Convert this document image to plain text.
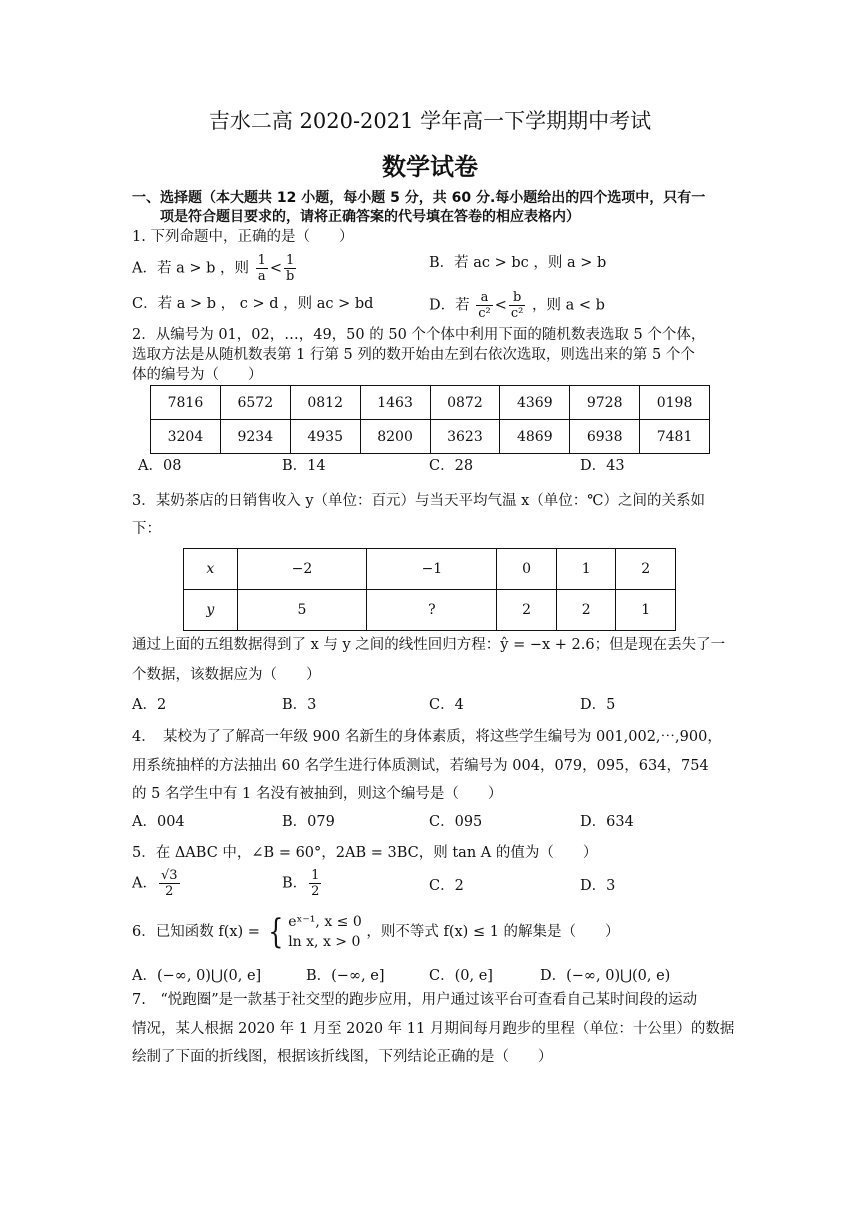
吉水二高 2020-2021 学年高一下学期期中考试
数学试卷
一、选择题（本大题共 12 小题，每小题 5 分，共 60 分.每小题给出的四个选项中，只有一
项是符合题目要求的，请将正确答案的代号填在答卷的相应表格内）
1. 下列命题中，正确的是（　　）
A．若 a > b ，则 $\frac{1}{a} < \frac{1}{b}$	B．若 ac > bc ，则 a > b
C．若 a > b ， c > d ，则 ac > bd	D．若 $\frac{a}{\text{c²}} < \frac{b}{\text{c²}}$ ，则 a < b
2．从编号为 01，02，…，49，50 的 50 个个体中利用下面的随机数表选取 5 个个体，
选取方法是从随机数表第 1 行第 5 列的数开始由左到右依次选取，则选出来的第 5 个个
体的编号为（　　）
7816	6572	0812	1463	0872	4369	9728	0198
3204	9234	4935	8200	3623	4869	6938	7481
A．08	B．14	C．28	D．43
3．某奶茶店的日销售收入 y（单位：百元）与当天平均气温 x（单位：℃）之间的关系如
下：
x	−2	−1	0	1	2
y	5	?	2	2	1
通过上面的五组数据得到了 x 与 y 之间的线性回归方程：ŷ = −x + 2.6；但是现在丢失了一
个数据，该数据应为（　　）
A．2	B．3	C．4	D．5
4．　某校为了了解高一年级 900 名新生的身体素质，将这些学生编号为 001,002,⋯,900，
用系统抽样的方法抽出 60 名学生进行体质测试，若编号为 004，079，095，634，754
的 5 名学生中有 1 名没有被抽到，则这个编号是（　　）
A．004	B．079	C．095	D．634
5．在 ΔABC 中，∠B = 60°，2AB = 3BC，则 tan A 的值为（　　）
A． $\frac{√3}{2}$	B． $\frac{1}{2}$	C．2	D．3
6．已知函数 f(x) = { eˣ⁻¹, x ≤ 0
ln x, x > 0
，则不等式 f(x) ≤ 1 的解集是（　　）
A．(−∞, 0)⋃(0, e]	B．(−∞, e]	C．(0, e]	D．(−∞, 0)⋃(0, e)
7.　“悦跑圈”是一款基于社交型的跑步应用，用户通过该平台可查看自己某时间段的运动
情况，某人根据 2020 年 1 月至 2020 年 11 月期间每月跑步的里程（单位：十公里）的数据
绘制了下面的折线图，根据该折线图，下列结论正确的是（　　）
